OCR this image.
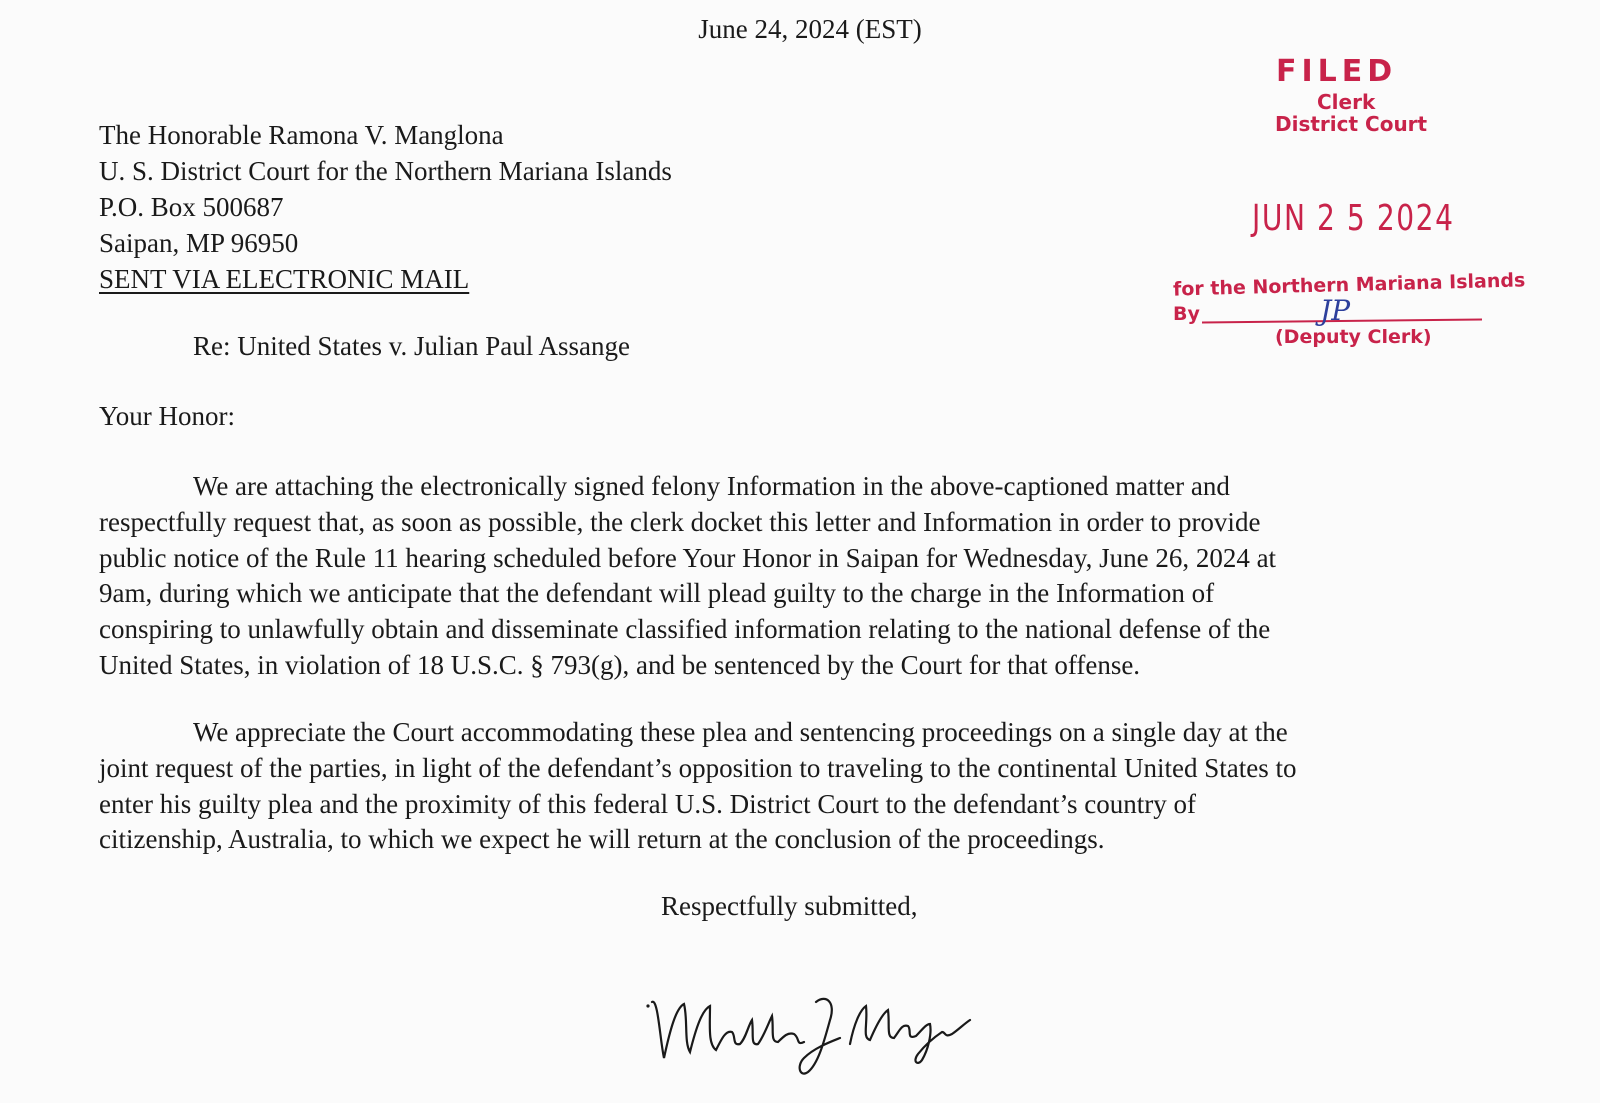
June 24, 2024 (EST)
The Honorable Ramona V. Manglona
U. S. District Court for the Northern Mariana Islands
P.O. Box 500687
Saipan, MP 96950
SENT VIA ELECTRONIC MAIL
Re: United States v. Julian Paul Assange
Your Honor:
We are attaching the electronically signed felony Information in the above-captioned matter and
respectfully request that, as soon as possible, the clerk docket this letter and Information in order to provide
public notice of the Rule 11 hearing scheduled before Your Honor in Saipan for Wednesday, June 26, 2024 at
9am, during which we anticipate that the defendant will plead guilty to the charge in the Information of
conspiring to unlawfully obtain and disseminate classified information relating to the national defense of the
United States, in violation of 18 U.S.C. § 793(g), and be sentenced by the Court for that offense.
We appreciate the Court accommodating these plea and sentencing proceedings on a single day at the
joint request of the parties, in light of the defendant’s opposition to traveling to the continental United States to
enter his guilty plea and the proximity of this federal U.S. District Court to the defendant’s country of
citizenship, Australia, to which we expect he will return at the conclusion of the proceedings.
Respectfully submitted,
FILED
Clerk
District Court
JUN 2 5 2024
for the Northern Mariana Islands
By	JP
(Deputy Clerk)
